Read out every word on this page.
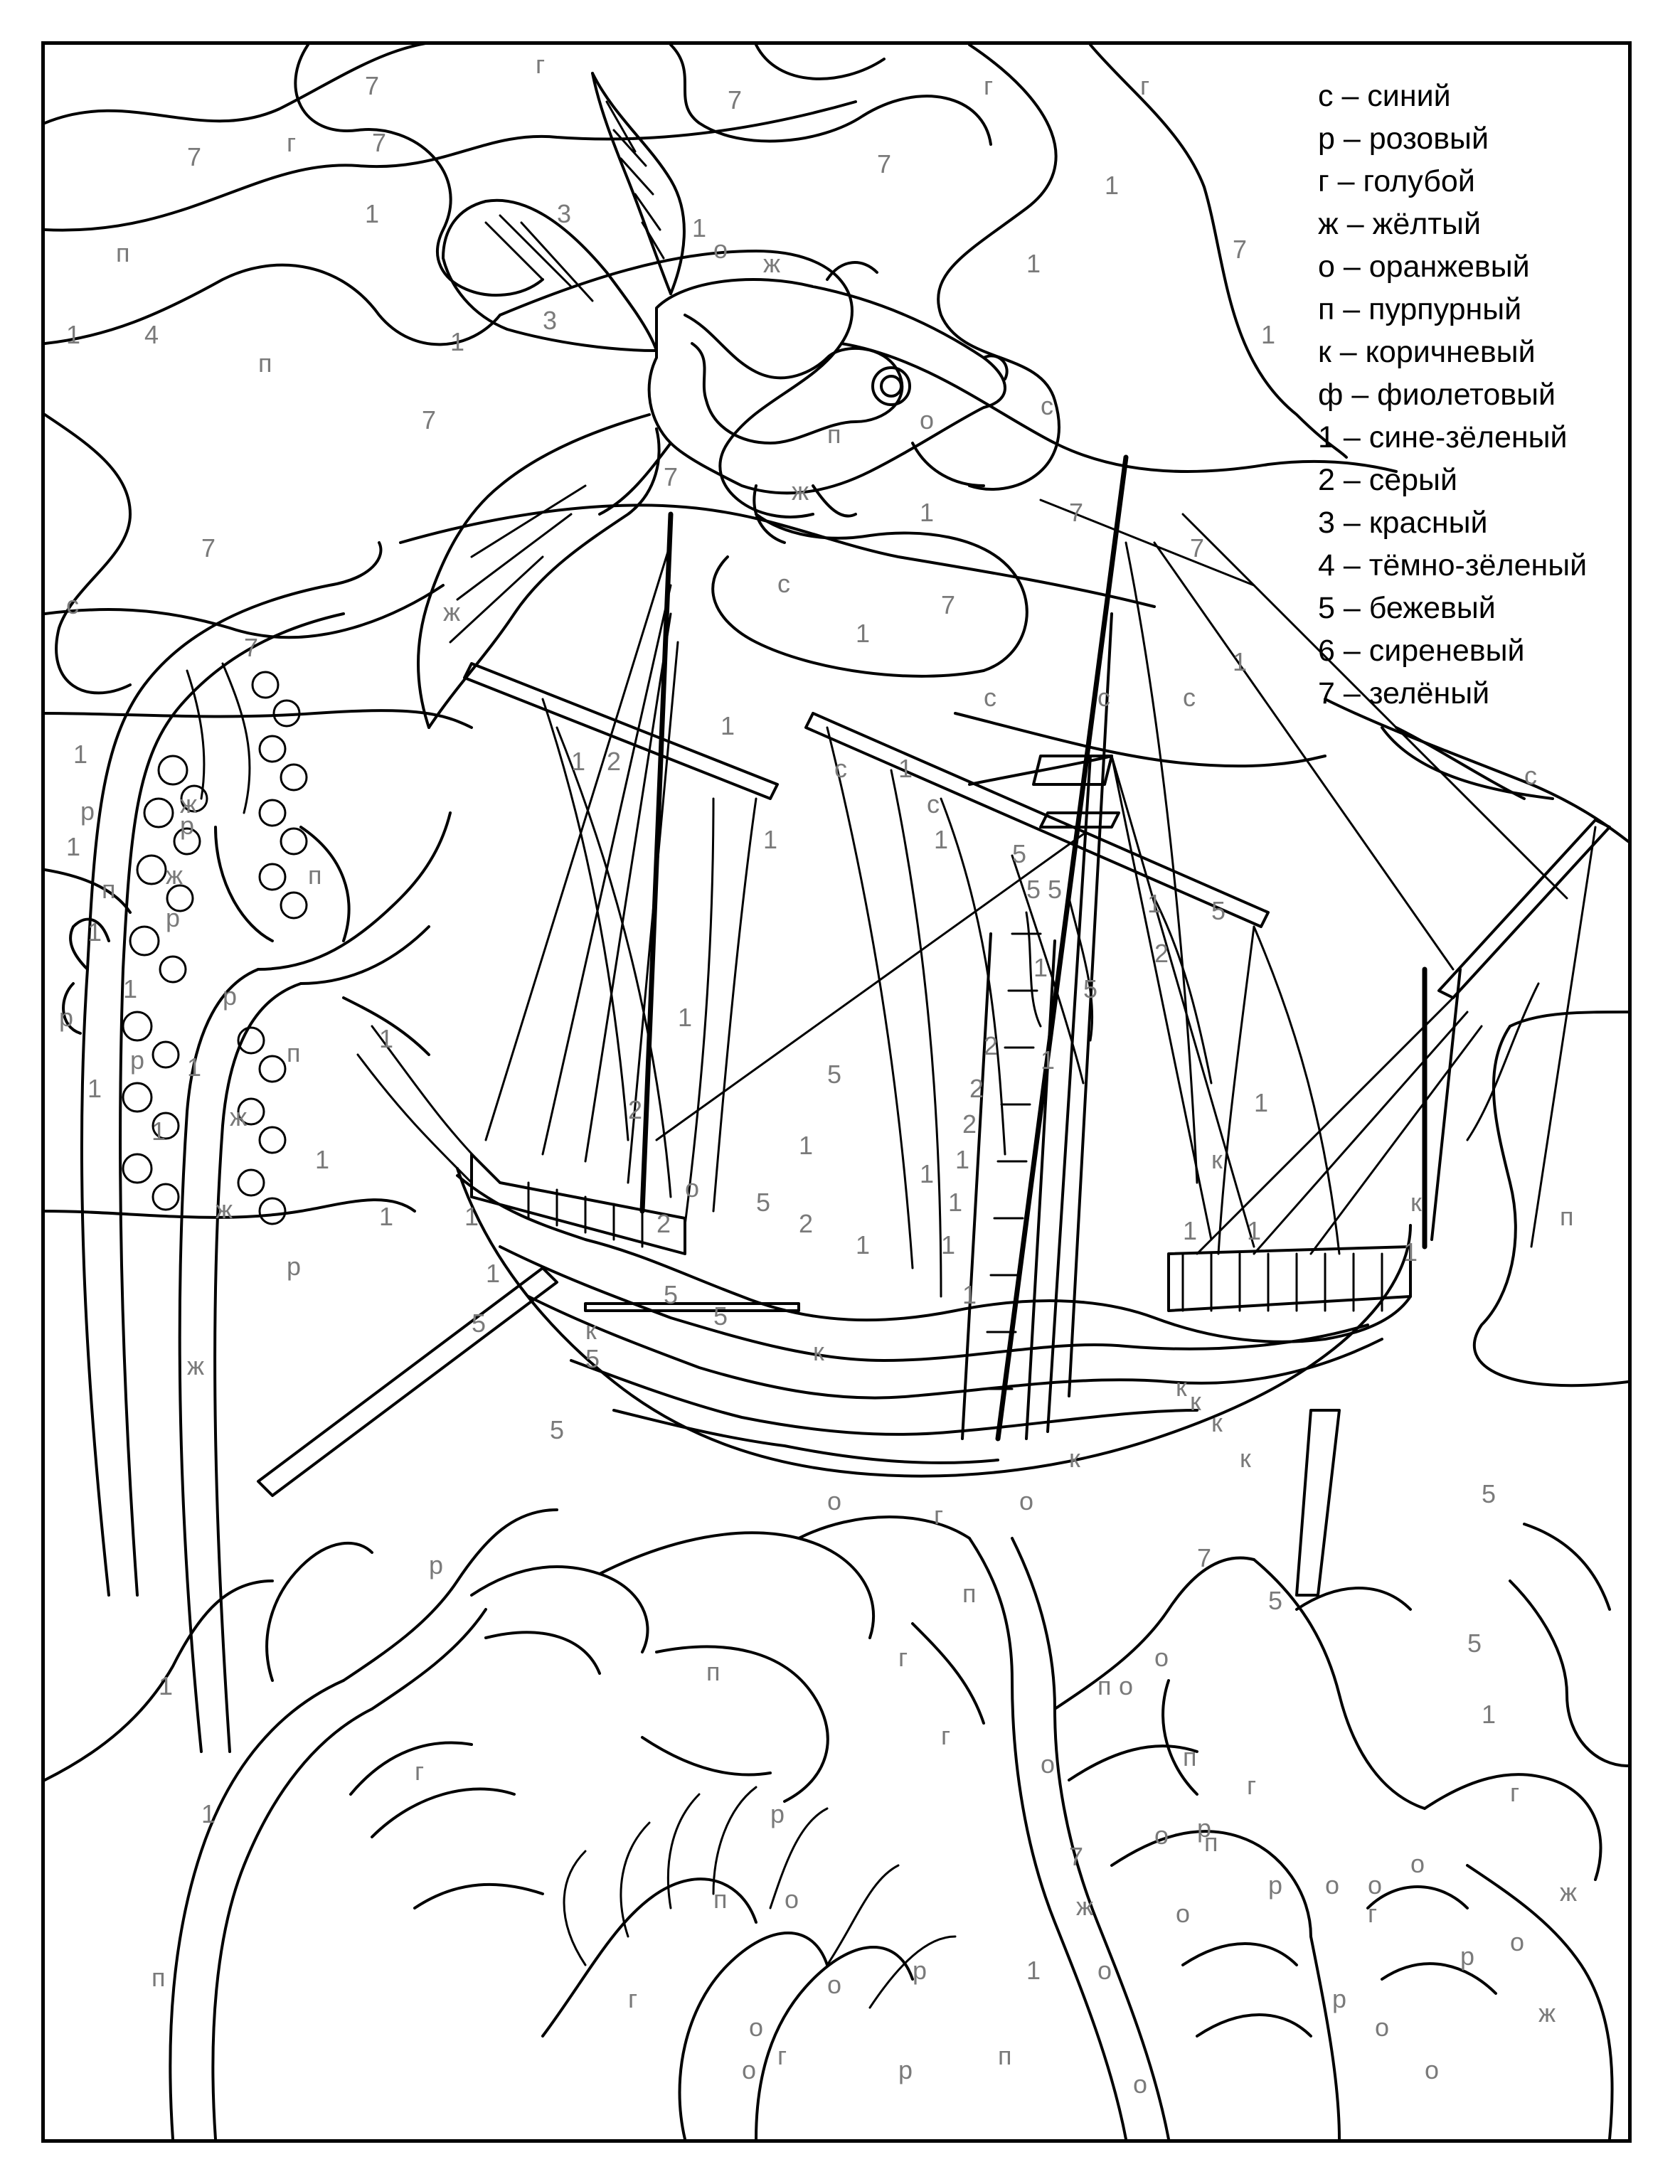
г
7	г	г
7
г	7
7	7
1
1	3	1
п	о ж	1	7
1
1 4
п
3
1
7	о	с
п
7
7	ж
1	7
с	7
1
7
ж
1
с
7
с	с	с
с	с
1	2
1
1
1
с
1 5
5 5
5
2
5
1
1
1
р	ж
р
ж
р
1
п
1
р
р
р
1
1 ж
п
п
ж
р
1
1
1
5
1
1
1
1
1
1
1	1 1
2	2
2
2
2
2
1
1
1
1
5
1
к
к
1
1
1
5
о
5
к
5
5	к
к к
5	к
к	к
о
7
о
5
5
п
1
ж
1
п
5
1
г
р
г
р
г
г
п
г
о
п о
7
п
г
р
о
о
о
п
р о о
г
о
р
г
ж
р
о
о
о
о
ж
п о
р
о
о г	р	п
1
ж
о
п
о
с – синий
р – розовый
г – голубой
ж – жёлтый
о – оранжевый
п – пурпурный
к – коричневый
ф – фиолетовый
1 – сине-зёленый
2 – серый
3 – красный
4 – тёмно-зёленый
5 – бежевый
6 – сиреневый
7 – зелёный
